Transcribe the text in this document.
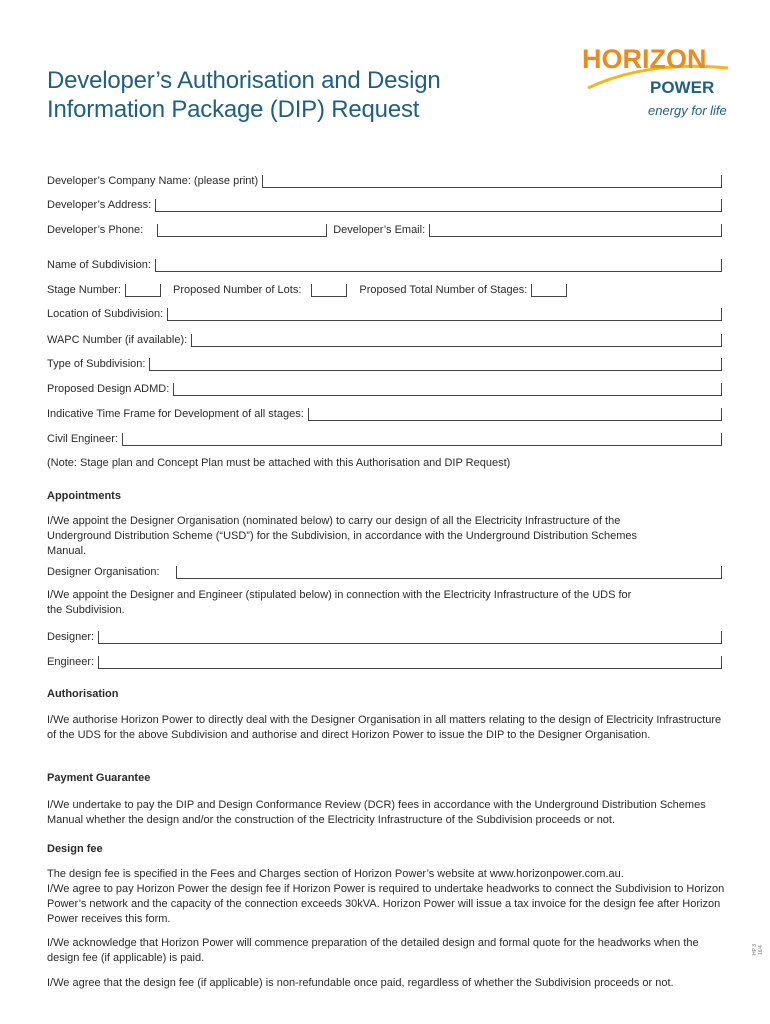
Developer’s Authorisation and Design
Information Package (DIP) Request
HORIZON
POWER
energy for life
Developer’s Company Name: (please print)
Developer’s Address:
Developer’s Phone:	Developer’s Email:
Name of Subdivision:
Stage Number:	Proposed Number of Lots:	Proposed Total Number of Stages:
Location of Subdivision:
WAPC Number (if available):
Type of Subdivision:
Proposed Design ADMD:
Indicative Time Frame for Development of all stages:
Civil Engineer:

(Note: Stage plan and Concept Plan must be attached with this Authorisation and DIP Request)

Appointments

I/We appoint the Designer Organisation (nominated below) to carry our design of all the Electricity Infrastructure of the Underground Distribution Scheme (“USD”) for the Subdivision, in accordance with the Underground Distribution Schemes Manual.

Designer Organisation:

I/We appoint the Designer and Engineer (stipulated below) in connection with the Electricity Infrastructure of the UDS for the Subdivision.

Designer:
Engineer:
Authorisation

I/We authorise Horizon Power to directly deal with the Designer Organisation in all matters relating to the design of Electricity Infrastructure of the UDS for the above Subdivision and authorise and direct Horizon Power to issue the DIP to the Designer Organisation.

Payment Guarantee

I/We undertake to pay the DIP and Design Conformance Review (DCR) fees in accordance with the Underground Distribution Schemes Manual whether the design and/or the construction of the Electricity Infrastructure of the Subdivision proceeds or not.

Design fee

The design fee is specified in the Fees and Charges section of Horizon Power’s website at www.horizonpower.com.au.

I/We agree to pay Horizon Power the design fee if Horizon Power is required to undertake headworks to connect the Subdivision to Horizon Power’s network and the capacity of the connection exceeds 30kVA. Horizon Power will issue a tax invoice for the design fee after Horizon Power receives this form.

I/We acknowledge that Horizon Power will commence preparation of the detailed design and formal quote for the headworks when the design fee (if applicable) is paid.

I/We agree that the design fee (if applicable) is non-refundable once paid, regardless of whether the Subdivision proceeds or not.

HP 3 16/4
